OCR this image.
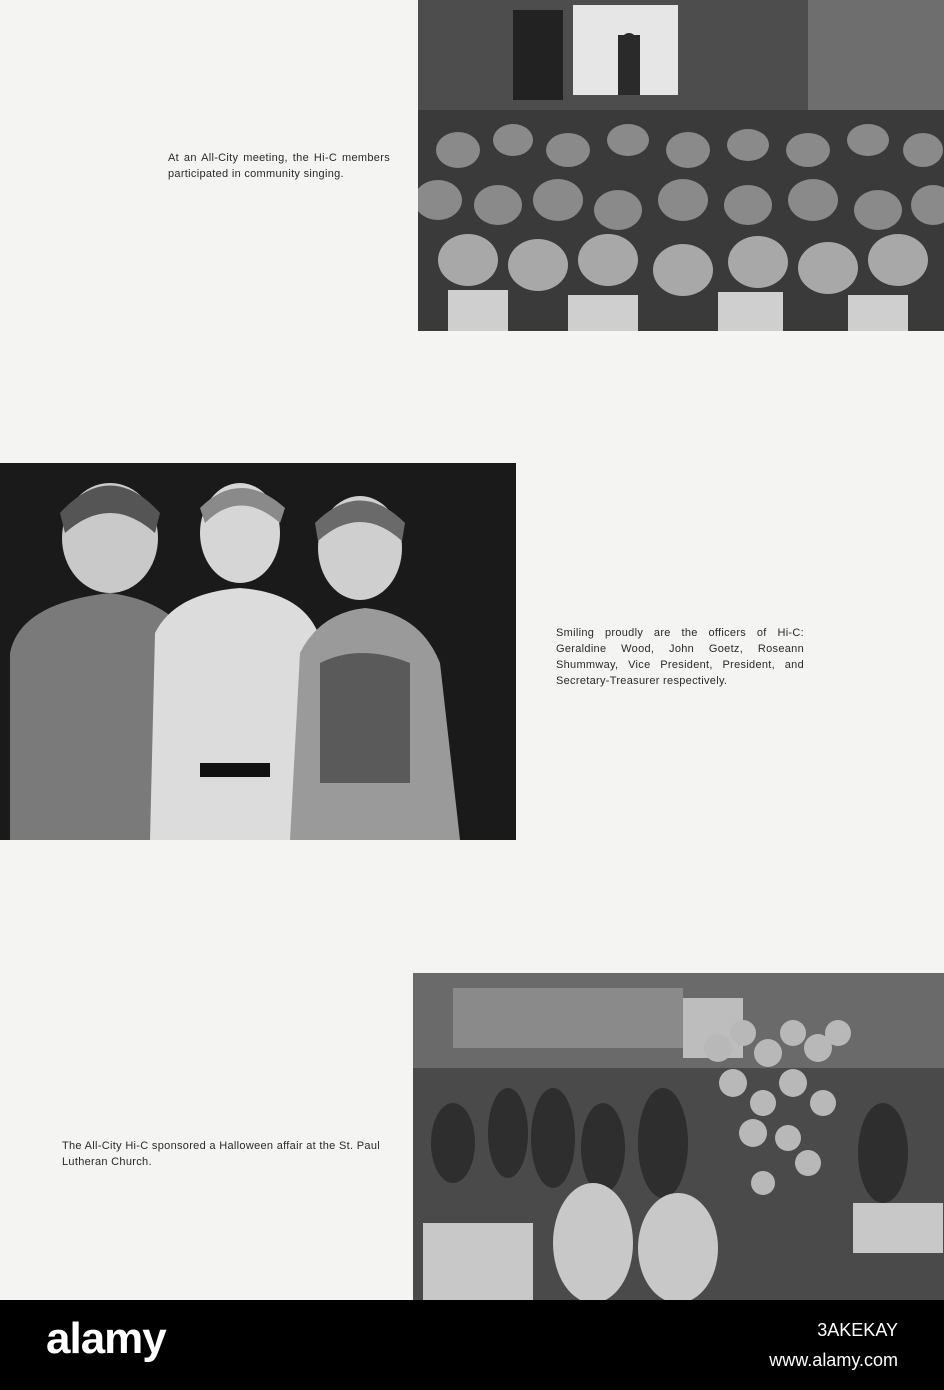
At an All-City meeting, the Hi-C members participated in community singing.
Smiling proudly are the officers of Hi-C: Geraldine Wood, John Goetz, Roseann Shummway, Vice President, President, and Secretary-Treasurer respectively.
The All-City Hi-C sponsored a Halloween affair at the St. Paul Lutheran Church.
alamy	3AKEKAY
www.alamy.com
